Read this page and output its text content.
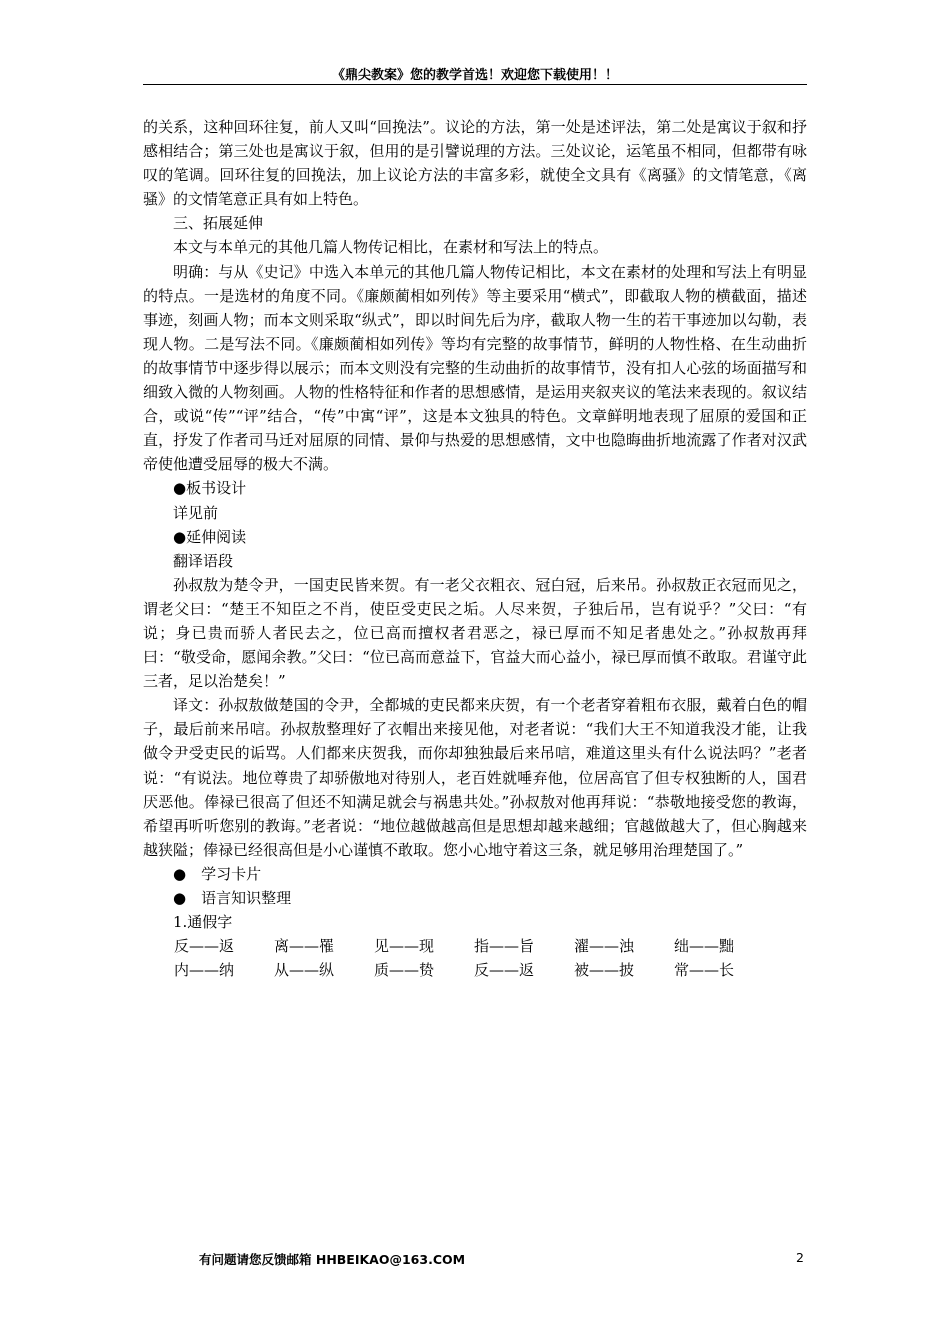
《鼎尖教案》您的教学首选！欢迎您下载使用！！

的关系，这种回环往复，前人又叫“回挽法”。议论的方法，第一处是述评法，第二处是寓议于叙和抒感相结合；第三处也是寓议于叙，但用的是引譬说理的方法。三处议论，运笔虽不相同，但都带有咏叹的笔调。回环往复的回挽法，加上议论方法的丰富多彩，就使全文具有《离骚》的文情笔意，《离骚》的文情笔意正具有如上特色。

三、拓展延伸

本文与本单元的其他几篇人物传记相比，在素材和写法上的特点。

明确：与从《史记》中选入本单元的其他几篇人物传记相比，本文在素材的处理和写法上有明显的特点。一是选材的角度不同。《廉颇蔺相如列传》等主要采用“横式”，即截取人物的横截面，描述事迹，刻画人物；而本文则采取“纵式”，即以时间先后为序，截取人物一生的若干事迹加以勾勒，表现人物。二是写法不同。《廉颇蔺相如列传》等均有完整的故事情节，鲜明的人物性格、在生动曲折的故事情节中逐步得以展示；而本文则没有完整的生动曲折的故事情节，没有扣人心弦的场面描写和细致入微的人物刻画。人物的性格特征和作者的思想感情，是运用夹叙夹议的笔法来表现的。叙议结合，或说“传”“评”结合，“传”中寓“评”，这是本文独具的特色。文章鲜明地表现了屈原的爱国和正直，抒发了作者司马迁对屈原的同情、景仰与热爱的思想感情，文中也隐晦曲折地流露了作者对汉武帝使他遭受屈辱的极大不满。

●板书设计

详见前

●延伸阅读

翻译语段

孙叔敖为楚令尹，一国吏民皆来贺。有一老父衣粗衣、冠白冠，后来吊。孙叔敖正衣冠而见之，谓老父曰：“楚王不知臣之不肖，使臣受吏民之垢。人尽来贺，子独后吊，岂有说乎？”父曰：“有说；身已贵而骄人者民去之，位已高而擅权者君恶之，禄已厚而不知足者患处之。”孙叔敖再拜曰：“敬受命，愿闻余教。”父曰：“位已高而意益下，官益大而心益小，禄已厚而慎不敢取。君谨守此三者，足以治楚矣！”

译文：孙叔敖做楚国的令尹，全都城的吏民都来庆贺，有一个老者穿着粗布衣服，戴着白色的帽子，最后前来吊唁。孙叔敖整理好了衣帽出来接见他，对老者说：“我们大王不知道我没才能，让我做令尹受吏民的诟骂。人们都来庆贺我，而你却独独最后来吊唁，难道这里头有什么说法吗？”老者说：“有说法。地位尊贵了却骄傲地对待别人，老百姓就唾弃他，位居高官了但专权独断的人，国君厌恶他。俸禄已很高了但还不知满足就会与祸患共处。”孙叔敖对他再拜说：“恭敬地接受您的教诲，希望再听听您别的教诲。”老者说：“地位越做越高但是思想却越来越细；官越做越大了，但心胸越来越狭隘；俸禄已经很高但是小心谨慎不敢取。您小心地守着这三条，就足够用治理楚国了。”

●　学习卡片

●　语言知识整理

1.通假字

反——返	离——罹	见——现	指——旨	濯——浊	绌——黜
内——纳	从——纵	质——贽	反——返	被——披	常——长
有问题请您反馈邮箱 HHBEIKAO@163.COM	2
